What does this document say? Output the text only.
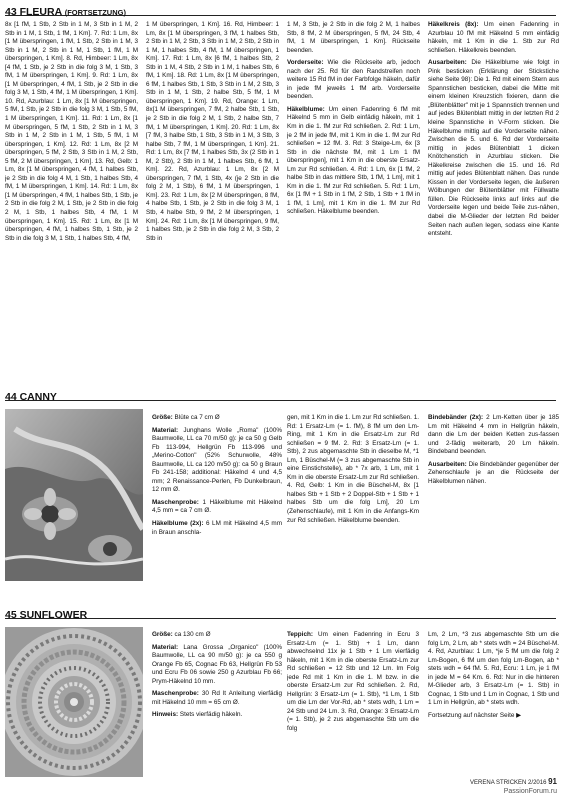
43 FLEURA (FORTSETZUNG)

8x [1 fM, 1 Stb, 2 Stb in 1 M, 3 Stb in 1 M, 2 Stb in 1 M, 1 Stb, 1 fM, 1 Km]. 7. Rd: 1 Lm, 8x [1 M überspringen, 1 fM, 1 Stb, 2 Stb in 1 M, 3 Stb in 1 M, 2 Stb in 1 M, 1 Stb, 1 fM, 1 M überspringen, 1 Km]. 8. Rd, Himbeer: 1 Lm, 8x [4 fM, 1 Stb, je 2 Stb in die folg 3 M, 1 Stb, 3 fM, 1 M überspringen, 1 Km]. 9. Rd: 1 Lm, 8x [1 M überspringen, 4 fM, 1 Stb, je 2 Stb in die folg 3 M, 1 Stb, 4 fM, 1 M überspringen, 1 Km]. 10. Rd, Azurblau: 1 Lm, 8x [1 M überspringen, 5 fM, 1 Stb, je 2 Stb in die folg 3 M, 1 Stb, 5 fM, 1 M überspringen, 1 Km]. 11. Rd: 1 Lm, 8x [1 M überspringen, 5 fM, 1 Stb, 2 Stb in 1 M, 3 Stb in 1 M, 2 Stb in 1 M, 1 Stb, 5 fM, 1 M überspringen, 1 Km]. 12. Rd: 1 Lm, 8x [2 M überspringen, 5 fM, 2 Stb, 3 Stb in 1 M, 2 Stb, 5 fM, 2 M überspringen, 1 Km]. 13. Rd, Gelb: 1 Lm, 8x [1 M überspringen, 4 fM, 1 halbes Stb, je 2 Stb in die folg 4 M, 1 Stb, 1 halbes Stb, 4 fM, 1 M überspringen, 1 Km]. 14. Rd: 1 Lm, 8x [1 M überspringen, 4 fM, 1 halbes Stb, 1 Stb, je 2 Stb in die folg 2 M, 1 Stb, je 2 Stb in die folg 2 M, 1 Stb, 1 halbes Stb, 4 fM, 1 M überspringen, 1 Km]. 15. Rd: 1 Lm, 8x [1 M überspringen, 4 fM, 1 halbes Stb, 1 Stb, je 2 Stb in die folg 3 M, 1 Stb, 1 halbes Stb, 4 fM,

1 M überspringen, 1 Km]. 16. Rd, Himbeer: 1 Lm, 8x [1 M überspringen, 3 fM, 1 halbes Stb, 2 Stb in 1 M, 2 Stb, 3 Stb in 1 M, 2 Stb, 2 Stb in 1 M, 1 halbes Stb, 4 fM, 1 M überspringen, 1 Km]. 17. Rd: 1 Lm, 8x [6 fM, 1 halbes Stb, 2 Stb in 1 M, 4 Stb, 2 Stb in 1 M, 1 halbes Stb, 6 fM, 1 Km]. 18. Rd: 1 Lm, 8x [1 M überspringen, 6 fM, 1 halbes Stb, 1 Stb, 3 Stb in 1 M, 2 Stb, 3 Stb in 1 M, 1 Stb, 2 halbe Stb, 5 fM, 1 M überspringen, 1 Km]. 19. Rd, Orange: 1 Lm, 8x[1 M überspringen, 7 fM, 2 halbe Stb, 1 Stb, je 2 Stb in die folg 2 M, 1 Stb, 2 halbe Stb, 7 fM, 1 M überspringen, 1 Km]. 20. Rd: 1 Lm, 8x [7 fM, 3 halbe Stb, 1 Stb, 3 Stb in 1 M, 3 Stb, 3 halbe Stb, 7 fM, 1 M überspringen, 1 Km]. 21. Rd: 1 Lm, 8x [7 fM, 1 halbes Stb, 3x (2 Stb in 1 M, 2 Stb), 2 Stb in 1 M, 1 halbes Stb, 6 fM, 1 Km]. 22. Rd, Azurblau: 1 Lm, 8x [2 M überspringen, 7 fM, 1 Stb, 4x (je 2 Stb in die folg 2 M, 1 Stb), 6 fM, 1 M überspringen, 1 Km]. 23. Rd: 1 Lm, 8x [2 M überspringen, 8 fM, 4 halbe Stb, 1 Stb, je 2 Stb in die folg 3 M, 1 Stb, 4 halbe Stb, 9 fM, 2 M überspringen, 1 Km]. 24. Rd: 1 Lm, 8x [1 M überspringen, 9 fM, 1 halbes Stb, je 2 Stb in die folg 2 M, 3 Stb, 2 Stb in

1 M, 3 Stb, je 2 Stb in die folg 2 M, 1 halbes Stb, 8 fM, 2 M überspringen, 5 fM, 24 Stb, 4 fM, 1 M überspringen, 1 Km]. Rückseite beenden.

Vorderseite: Wie die Rückseite arb, jedoch nach der 25. Rd für den Randstreifen noch weitere 15 Rd fM in der Farbfolge häkeln, dafür in jede fM jeweils 1 fM arb. Vorderseite beenden.

Häkelblume: Um einen Fadenring 6 fM mit Häkelnd 5 mm in Gelb einfädig häkeln, mit 1 Km in die 1. fM zur Rd schließen. 2. Rd: 1 Lm, je 2 fM in jede fM, mit 1 Km in die 1. fM zur Rd schließen = 12 fM. 3. Rd: 3 Steige-Lm, 6x [3 Stb in die nächste fM, mit 1 Lm 1 fM überspringen], mit 1 Km in die oberste Ersatz-Lm zur Rd schließen. 4. Rd: 1 Lm, 6x [1 fM, 2 halbe Stb in das mittlere Stb, 1 fM, 1 Lm], mit 1 Km in die 1. fM zur Rd schließen. 5. Rd: 1 Lm, 6x [1 fM + 1 Stb in 1 fM, 2 Stb, 1 Stb + 1 fM in 1 fM, 1 Lm], mit 1 Km in die 1. fM zur Rd schließen. Häkelblume beenden.

Häkelkreis (8x): Um einen Fadenring in Azurblau 10 fM mit Häkelnd 5 mm einfädig häkeln, mit 1 Km in die 1. Stb zur Rd schließen. Häkelkreis beenden.

Ausarbeiten: Die Häkelblume wie folgt in Pink besticken (Erklärung der Stickstiche siehe Seite 98): Die 1. Rd mit einem Stern aus Spannstichen besticken, dabei die Mitte mit einem kleinen Kreuzstich fixieren, dann die „Blütenblätter" mit je 1 Spannstich trennen und auf jedes Blütenblatt mittig in der letzten Rd 2 kleine Spannstiche in V-Form sticken. Die Häkelblume mittig auf die Vorderseite nähen. Zwischen die 5. und 6. Rd der Vorderseite mittig in jedes Blütenblatt 1 dicken Knötchenstich in Azurblau sticken. Die Häkelkreise zwischen die 15. und 16. Rd mittig auf jedes Blütenblatt nähen. Das runde Kissen in der Vorderseite legen, die äußeren Wölbungen der Blütenblätter mit Füllwatte füllen. Die Rückseite links auf links auf die Vorderseite legen und beide Teile zus-nähen, dabei die M-Glieder der letzten Rd beider Seiten nach außen legen, sodass eine Kante entsteht.

44 CANNY

Größe: Blüte ca 7 cm Ø

Material: Junghans Wolle „Roma" (100% Baumwolle, LL ca 70 m/50 g): je ca 50 g Gelb Fb 113-994, Hellgrün Fb 113-996 und „Merino-Cotton" (52% Schurwolle, 48% Baumwolle, LL ca 120 m/50 g): ca 50 g Braun Fb 241-158; additional: Häkelnd 4 und 4,5 mm; 2 Renaissance-Perlen, Fb Dunkelbraun, 12 mm Ø.

Maschenprobe: 1 Häkelblume mit Häkelnd 4,5 mm = ca 7 cm Ø.

Häkelblume (2x): 6 LM mit Häkelnd 4,5 mm in Braun anschla-

gen, mit 1 Km in die 1. Lm zur Rd schließen. 1. Rd: 1 Ersatz-Lm (= 1. fM), 8 fM um den Lm-Ring, mit 1 Km in die Ersatz-Lm zur Rd schließen = 9 fM. 2. Rd: 3 Ersatz-Lm (= 1. Stb), 2 zus abgemaschte Stb in dieselbe M, *1 Lm, 1 Büschel-M (= 3 zus abgemaschte Stb in eine Einstichstelle), ab * 7x arb, 1 Lm, mit 1 Km in die oberste Ersatz-Lm zur Rd schließen. 4. Rd, Gelb: 1 Km in die Büschel-M, 8x [1 halbes Stb + 1 Stb + 2 Doppel-Stb + 1 Stb + 1 halbes Stb um die folg Lm], 20 Lm (Zehenschlaufe), mit 1 Km in die Anfangs-Km zur Rd schließen. Häkelblume beenden.

Bindebänder (2x): 2 Lm-Ketten über je 185 Lm mit Häkelnd 4 mm in Hellgrün häkeln, dann die Lm der beiden Ketten zus-fassen und 2-fädig weiterarb, 20 Lm häkeln. Bindeband beenden.

Ausarbeiten: Die Bindebänder gegenüber der Zehenschlaufe je an die Rückseite der Häkelblumen nähen.

45 SUNFLOWER

Größe: ca 130 cm Ø

Material: Lana Grossa „Organico" (100% Baumwolle, LL ca 90 m/50 g): je ca 550 g Orange Fb 65, Cognac Fb 63, Hellgrün Fb 53 und Ecru Fb 06 sowie 250 g Azurblau Fb 66; Prym-Häkelnd 10 mm.

Maschenprobe: 30 Rd lt Anleitung vierfädig mit Häkelnd 10 mm = 65 cm Ø.

Hinweis: Stets vierfädig häkeln.

Teppich: Um einen Fadenring in Ecru 3 Ersatz-Lm (= 1. Stb) + 1 Lm, dann abwechselnd 11x je 1 Stb + 1 Lm vierfädig häkeln, mit 1 Km in die oberste Ersatz-Lm zur Rd schließen = 12 Stb und 12 Lm. Im Folg jede Rd mit 1 Km in die 1. M bzw. in die oberste Ersatz-Lm zur Rd schließen. 2. Rd, Hellgrün: 3 Ersatz-Lm (= 1. Stb), *1 Lm, 1 Stb um die Lm der Vor-Rd, ab * stets wdh, 1 Lm = 24 Stb und 24 Lm. 3. Rd, Orange: 3 Ersatz-Lm (= 1. Stb), je 2 zus abgemaschte Stb um die folg

Lm, 2 Lm, *3 zus abgemaschte Stb um die folg Lm, 2 Lm, ab * stets wdh = 24 Büschel-M. 4. Rd, Azurblau: 1 Lm, *je 5 fM um die folg 2 Lm-Bogen, 6 fM um den folg Lm-Bogen, ab * stets wdh = 64 fM. 5. Rd, Ecru: 1 Lm, je 1 fM in jede M = 64 Km. 6. Rd: Nur in die hinteren M-Glieder arb, 3 Ersatz-Lm (= 1. Stb) in Cognac, 1 Stb und 1 Lm in Cognac, 1 Stb und 1 Lm in Hellgrün, ab * stets wdh.

Fortsetzung auf nächster Seite ▶

VERENA STRICKEN 2/2016 91
PassionForum.ru
